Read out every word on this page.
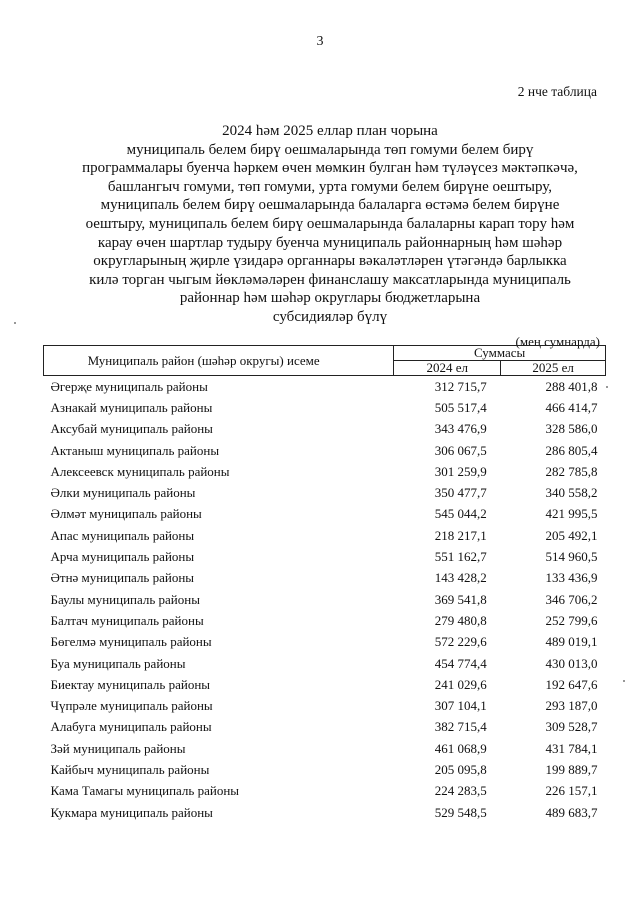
3
2 нче таблица
2024 һәм 2025 еллар план чорына
муниципаль белем бирү оешмаларында төп гомуми белем бирү
программалары буенча һәркем өчен мөмкин булган һәм түләүсез мәктәпкәчә,
башлангыч гомуми, төп гомуми, урта гомуми белем бирүне оештыру,
муниципаль белем бирү оешмаларында балаларга өстәмә белем бирүне
оештыру, муниципаль белем бирү оешмаларында балаларны карап тору һәм
карау өчен шартлар тудыру буенча муниципаль районнарның һәм шәһәр
округларының җирле үзидарә органнары вәкаләтләрен үтәгәндә барлыкка
килә торган чыгым йөкләмәләрен финанслашу максатларында муниципаль
районнар һәм шәһәр округлары бюджетларына
субсидияләр бүлү
(мең сумнарда)
Муниципаль район (шәһәр округы) исеме	Суммасы	
	2024 ел	2025 ел
Әгерҗе муниципаль районы	312 715,7	288 401,8
Азнакай муниципаль районы	505 517,4	466 414,7
Аксубай муниципаль районы	343 476,9	328 586,0
Актаныш муниципаль районы	306 067,5	286 805,4
Алексеевск муниципаль районы	301 259,9	282 785,8
Әлки муниципаль районы	350 477,7	340 558,2
Әлмәт муниципаль районы	545 044,2	421 995,5
Апас муниципаль районы	218 217,1	205 492,1
Арча муниципаль районы	551 162,7	514 960,5
Әтнә муниципаль районы	143 428,2	133 436,9
Баулы муниципаль районы	369 541,8	346 706,2
Балтач муниципаль районы	279 480,8	252 799,6
Бөгелмә муниципаль районы	572 229,6	489 019,1
Буа муниципаль районы	454 774,4	430 013,0
Биектау муниципаль районы	241 029,6	192 647,6
Чүпрәле муниципаль районы	307 104,1	293 187,0
Алабуга муниципаль районы	382 715,4	309 528,7
Зәй муниципаль районы	461 068,9	431 784,1
Кайбыч муниципаль районы	205 095,8	199 889,7
Кама Тамагы муниципаль районы	224 283,5	226 157,1
Кукмара муниципаль районы	529 548,5	489 683,7
